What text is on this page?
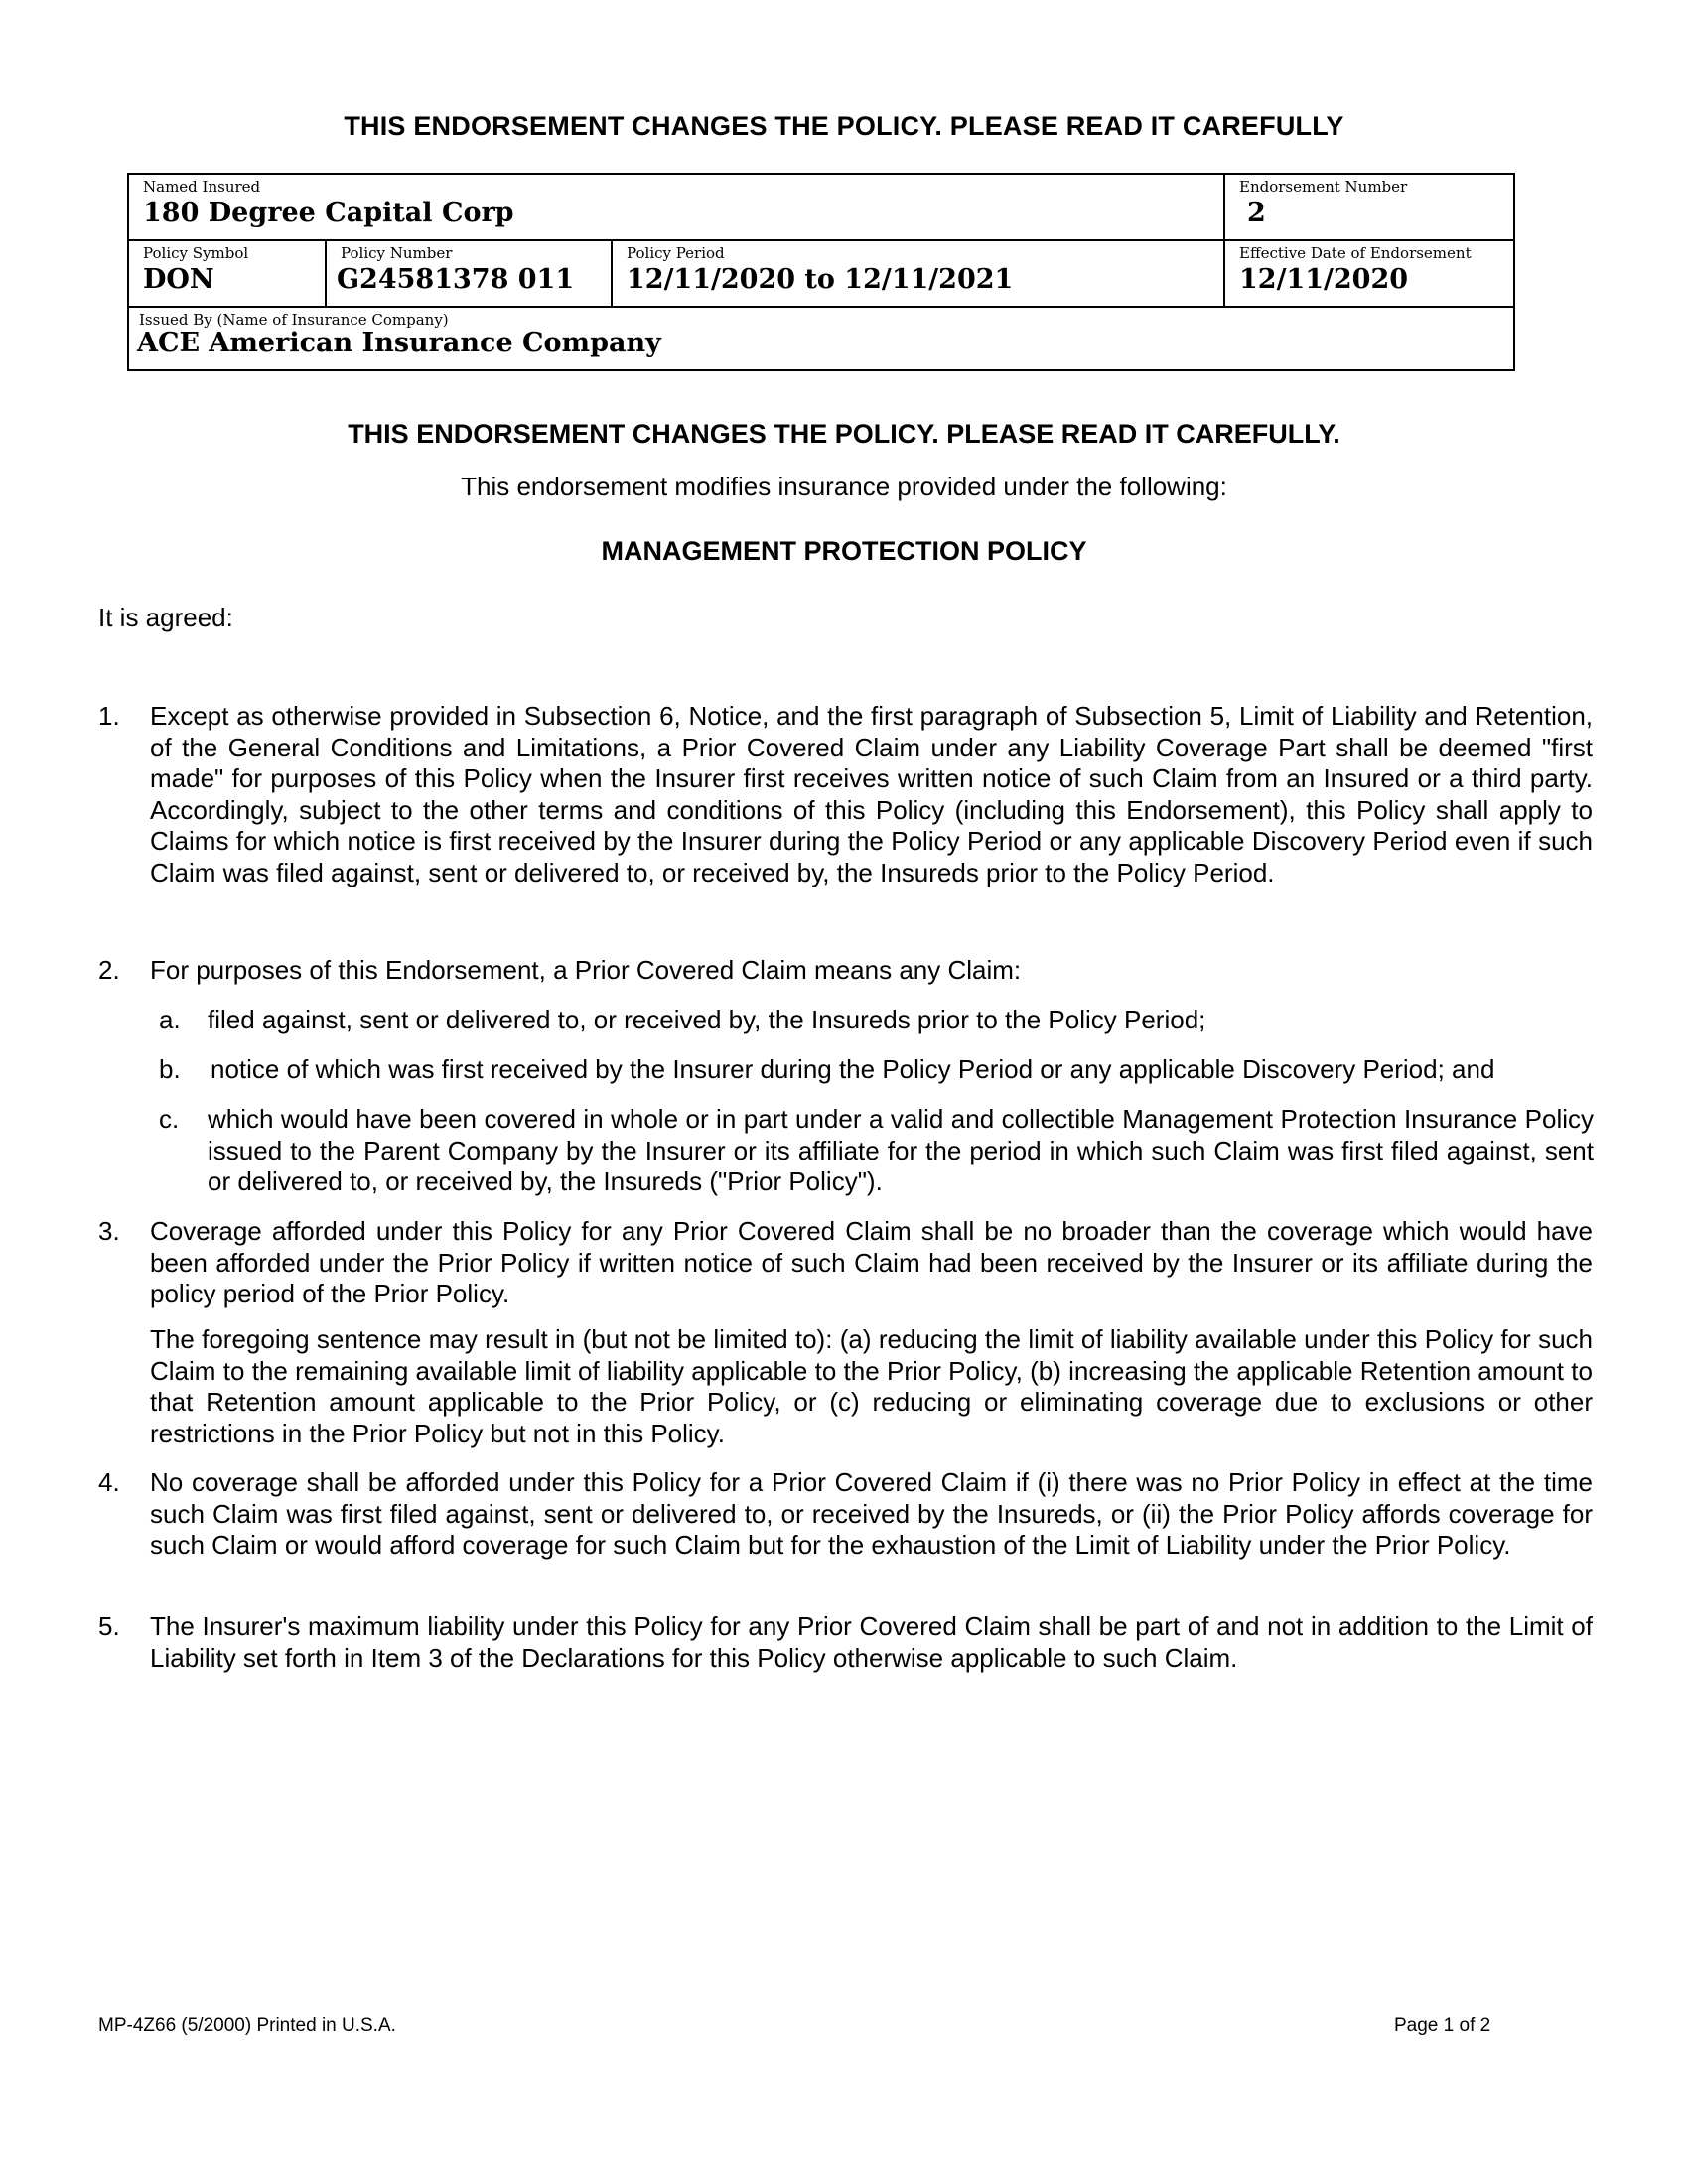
THIS ENDORSEMENT CHANGES THE POLICY. PLEASE READ IT CAREFULLY
Named Insured
180 Degree Capital Corp
Endorsement Number
2
Policy Symbol
DON
Policy Number
G24581378 011
Policy Period
12/11/2020 to 12/11/2021
Effective Date of Endorsement
12/11/2020
Issued By (Name of Insurance Company)
ACE American Insurance Company
THIS ENDORSEMENT CHANGES THE POLICY. PLEASE READ IT CAREFULLY.
This endorsement modifies insurance provided under the following:
MANAGEMENT PROTECTION POLICY
It is agreed:
1. Except as otherwise provided in Subsection 6, Notice, and the first paragraph of Subsection 5, Limit of Liability and Retention, of the General Conditions and Limitations, a Prior Covered Claim under any Liability Coverage Part shall be deemed "first made" for purposes of this Policy when the Insurer first receives written notice of such Claim from an Insured or a third party. Accordingly, subject to the other terms and conditions of this Policy (including this Endorsement), this Policy shall apply to Claims for which notice is first received by the Insurer during the Policy Period or any applicable Discovery Period even if such Claim was filed against, sent or delivered to, or received by, the Insureds prior to the Policy Period.
2. For purposes of this Endorsement, a Prior Covered Claim means any Claim:
a. filed against, sent or delivered to, or received by, the Insureds prior to the Policy Period;
b. notice of which was first received by the Insurer during the Policy Period or any applicable Discovery Period; and
c. which would have been covered in whole or in part under a valid and collectible Management Protection Insurance Policy issued to the Parent Company by the Insurer or its affiliate for the period in which such Claim was first filed against, sent or delivered to, or received by, the Insureds ("Prior Policy").
3. Coverage afforded under this Policy for any Prior Covered Claim shall be no broader than the coverage which would have been afforded under the Prior Policy if written notice of such Claim had been received by the Insurer or its affiliate during the policy period of the Prior Policy.
The foregoing sentence may result in (but not be limited to): (a) reducing the limit of liability available under this Policy for such Claim to the remaining available limit of liability applicable to the Prior Policy, (b) increasing the applicable Retention amount to that Retention amount applicable to the Prior Policy, or (c) reducing or eliminating coverage due to exclusions or other restrictions in the Prior Policy but not in this Policy.
4. No coverage shall be afforded under this Policy for a Prior Covered Claim if (i) there was no Prior Policy in effect at the time such Claim was first filed against, sent or delivered to, or received by the Insureds, or (ii) the Prior Policy affords coverage for such Claim or would afford coverage for such Claim but for the exhaustion of the Limit of Liability under the Prior Policy.
5. The Insurer's maximum liability under this Policy for any Prior Covered Claim shall be part of and not in addition to the Limit of Liability set forth in Item 3 of the Declarations for this Policy otherwise applicable to such Claim.
MP-4Z66 (5/2000) Printed in U.S.A.	Page 1 of 2
